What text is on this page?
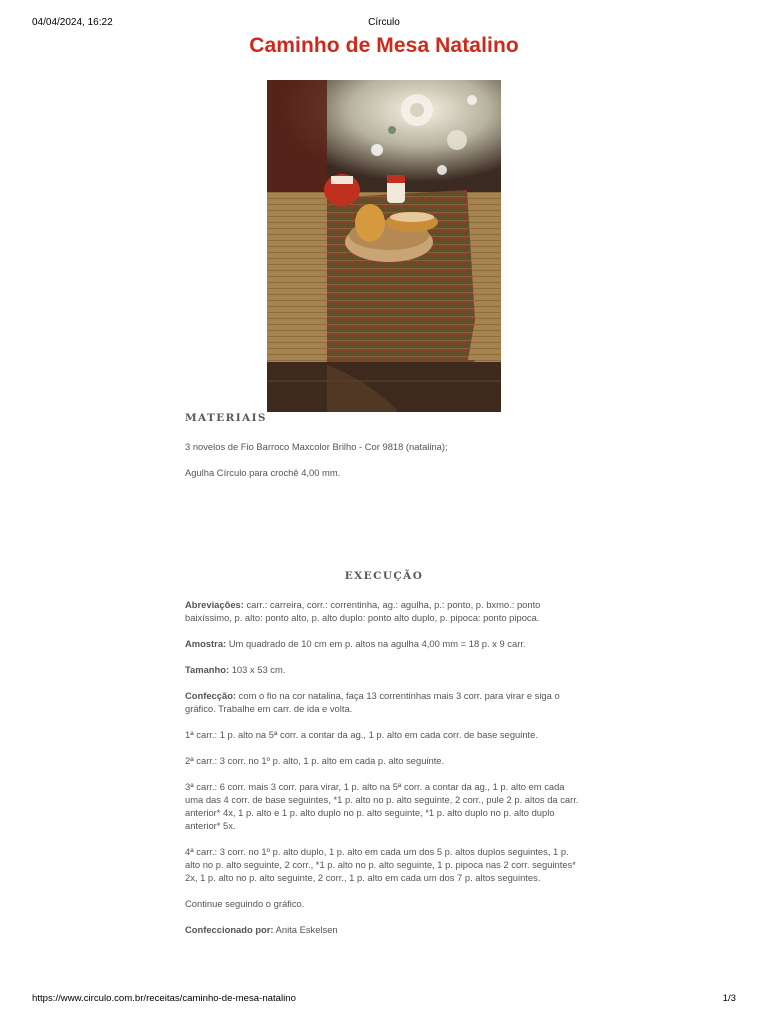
04/04/2024, 16:22	Círculo
Caminho de Mesa Natalino
MATERIAIS

3 novelos de Fio Barroco Maxcolor Brilho - Cor 9818 (natalina);

Agulha Círculo para crochê 4,00 mm.

EXECUÇÃO

Abreviações: carr.: carreira, corr.: correntinha, ag.: agulha, p.: ponto, p. bxmo.: ponto baixíssimo, p. alto: ponto alto, p. alto duplo: ponto alto duplo, p. pipoca: ponto pipoca.

Amostra: Um quadrado de 10 cm em p. altos na agulha 4,00 mm = 18 p. x 9 carr.

Tamanho: 103 x 53 cm.

Confecção: com o fio na cor natalina, faça 13 correntinhas mais 3 corr. para virar e siga o gráfico. Trabalhe em carr. de ida e volta.

1ª carr.: 1 p. alto na 5ª corr. a contar da ag., 1 p. alto em cada corr. de base seguinte.

2ª carr.: 3 corr. no 1º p. alto, 1 p. alto em cada p. alto seguinte.

3ª carr.: 6 corr. mais 3 corr. para virar, 1 p. alto na 5ª corr. a contar da ag., 1 p. alto em cada uma das 4 corr. de base seguintes, *1 p. alto no p. alto seguinte, 2 corr., pule 2 p. altos da carr. anterior* 4x, 1 p. alto e 1 p. alto duplo no p. alto seguinte, *1 p. alto duplo no p. alto duplo anterior* 5x.

4ª carr.: 3 corr. no 1º p. alto duplo, 1 p. alto em cada um dos 5 p. altos duplos seguintes, 1 p. alto no p. alto seguinte, 2 corr., *1 p. alto no p. alto seguinte, 1 p. pipoca nas 2 corr. seguintes* 2x, 1 p. alto no p. alto seguinte, 2 corr., 1 p. alto em cada um dos 7 p. altos seguintes.

Continue seguindo o gráfico.

Confeccionado por: Anita Eskelsen

https://www.circulo.com.br/receitas/caminho-de-mesa-natalino	1/3
